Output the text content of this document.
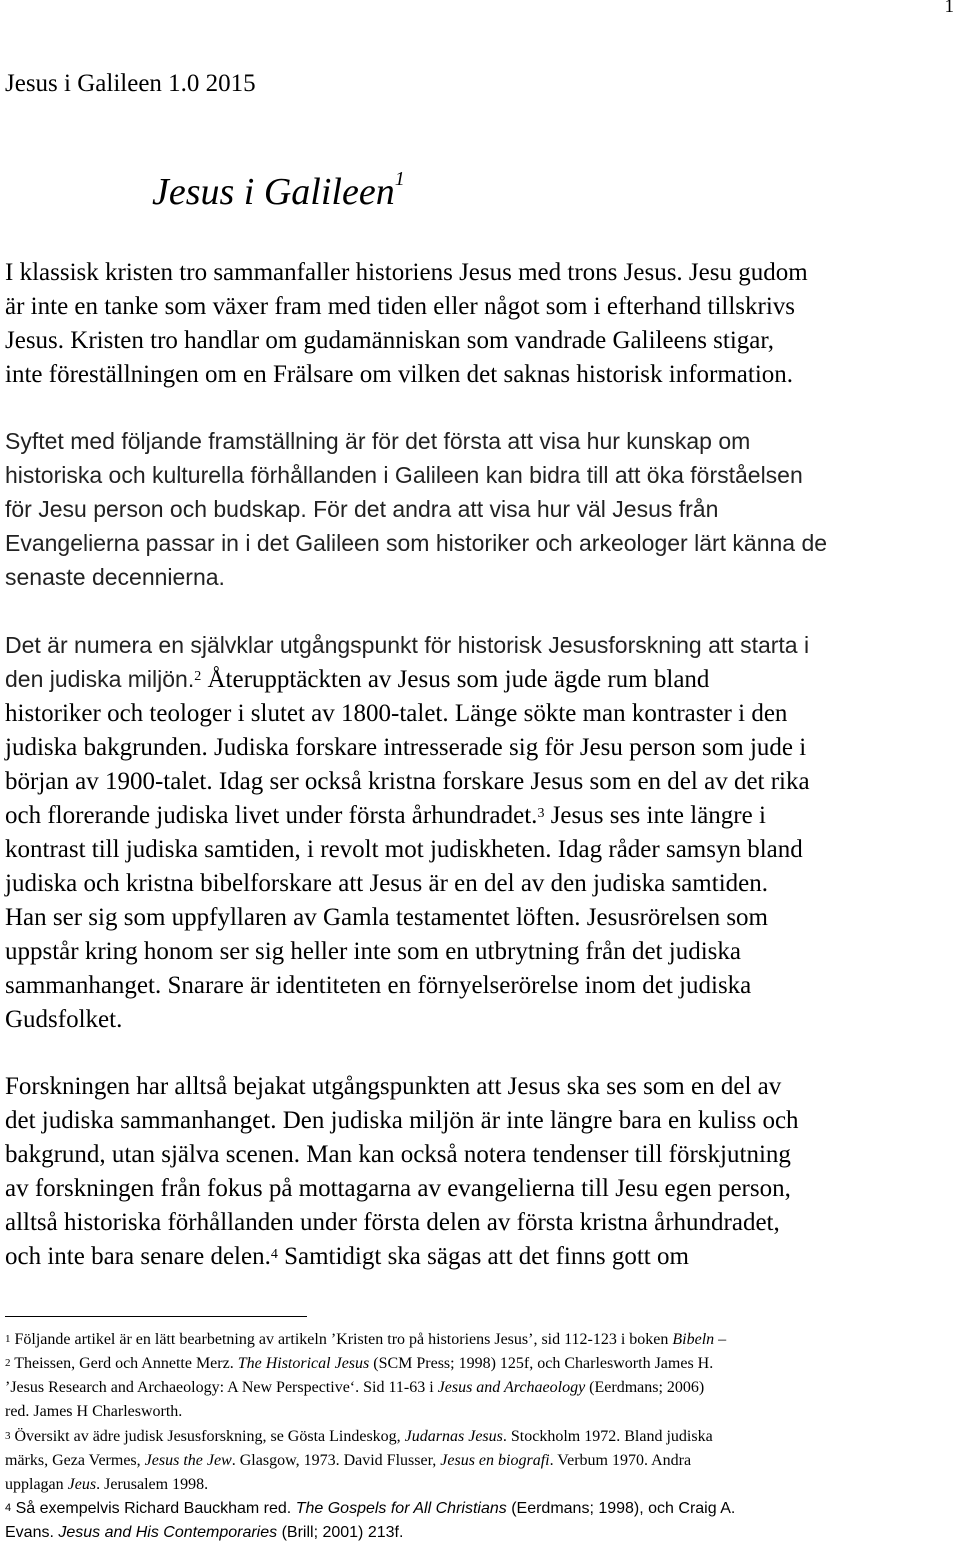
1
Jesus i Galileen 1.0 2015
Jesus i Galileen$^1$
I klassisk kristen tro sammanfaller historiens Jesus med trons Jesus. Jesu gudom
är inte en tanke som växer fram med tiden eller något som i efterhand tillskrivs
Jesus. Kristen tro handlar om gudamänniskan som vandrade Galileens stigar,
inte föreställningen om en Frälsare om vilken det saknas historisk information.
Syftet med följande framställning är för det första att visa hur kunskap om
historiska och kulturella förhållanden i Galileen kan bidra till att öka förståelsen
för Jesu person och budskap. För det andra att visa hur väl Jesus från
Evangelierna passar in i det Galileen som historiker och arkeologer lärt känna de
senaste decennierna.
Det är numera en självklar utgångspunkt för historisk Jesusforskning att starta i
den judiska miljön.$^2$ Återupptäckten av Jesus som jude ägde rum bland
historiker och teologer i slutet av 1800-talet. Länge sökte man kontraster i den
judiska bakgrunden. Judiska forskare intresserade sig för Jesu person som jude i
början av 1900-talet. Idag ser också kristna forskare Jesus som en del av det rika
och florerande judiska livet under första århundradet.$^3$ Jesus ses inte längre i
kontrast till judiska samtiden, i revolt mot judiskheten. Idag råder samsyn bland
judiska och kristna bibelforskare att Jesus är en del av den judiska samtiden.
Han ser sig som uppfyllaren av Gamla testamentet löften. Jesusrörelsen som
uppstår kring honom ser sig heller inte som en utbrytning från det judiska
sammanhanget. Snarare är identiteten en förnyelserörelse inom det judiska
Gudsfolket.
Forskningen har alltså bejakat utgångspunkten att Jesus ska ses som en del av
det judiska sammanhanget. Den judiska miljön är inte längre bara en kuliss och
bakgrund, utan själva scenen. Man kan också notera tendenser till förskjutning
av forskningen från fokus på mottagarna av evangelierna till Jesu egen person,
alltså historiska förhållanden under första delen av första kristna århundradet,
och inte bara senare delen.$^4$ Samtidigt ska sägas att det finns gott om
$^1$ Följande artikel är en lätt bearbetning av artikeln ’Kristen tro på historiens Jesus’, sid 112-123 i boken Bibeln –
$^2$ Theissen, Gerd och Annette Merz. The Historical Jesus (SCM Press; 1998) 125f, och Charlesworth James H.
’Jesus Research and Archaeology: A New Perspective‘. Sid 11-63 i Jesus and Archaeology (Eerdmans; 2006)
red. James H Charlesworth.
$^3$ Översikt av ädre judisk Jesusforskning, se Gösta Lindeskog, Judarnas Jesus. Stockholm 1972. Bland judiska
märks, Geza Vermes, Jesus the Jew. Glasgow, 1973. David Flusser, Jesus en biografi. Verbum 1970. Andra
upplagan Jeus. Jerusalem 1998.
$^4$ Så exempelvis Richard Bauckham red. The Gospels for All Christians (Eerdmans; 1998), och Craig A.
Evans. Jesus and His Contemporaries (Brill; 2001) 213f.
